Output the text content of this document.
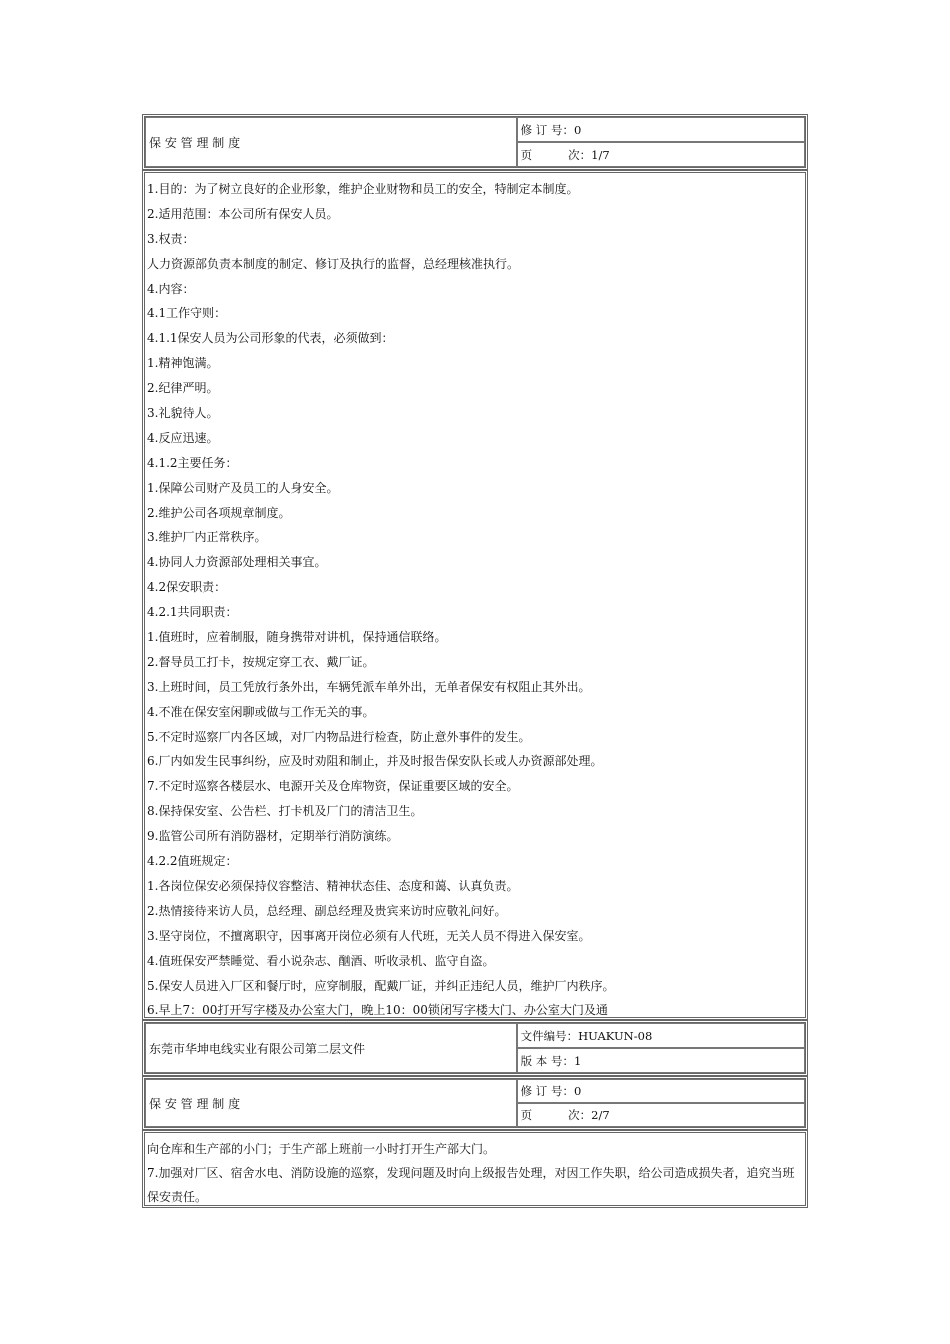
保 安 管 理 制 度
修 订 号：0
页	次：1/7
1.目的：为了树立良好的企业形象，维护企业财物和员工的安全，特制定本制度。
2.适用范围：本公司所有保安人员。
3.权责：
人力资源部负责本制度的制定、修订及执行的监督，总经理核准执行。
4.内容：
4.1工作守则：
4.1.1保安人员为公司形象的代表，必须做到：
1.精神饱满。
2.纪律严明。
3.礼貌待人。
4.反应迅速。
4.1.2主要任务：
1.保障公司财产及员工的人身安全。
2.维护公司各项规章制度。
3.维护厂内正常秩序。
4.协同人力资源部处理相关事宜。
4.2保安职责：
4.2.1共同职责：
1.值班时，应着制服，随身携带对讲机，保持通信联络。
2.督导员工打卡，按规定穿工衣、戴厂证。
3.上班时间，员工凭放行条外出，车辆凭派车单外出，无单者保安有权阻止其外出。
4.不准在保安室闲聊或做与工作无关的事。
5.不定时巡察厂内各区域，对厂内物品进行检查，防止意外事件的发生。
6.厂内如发生民事纠纷，应及时劝阻和制止，并及时报告保安队长或人办资源部处理。
7.不定时巡察各楼层水、电源开关及仓库物资，保证重要区域的安全。
8.保持保安室、公告栏、打卡机及厂门的清洁卫生。
9.监管公司所有消防器材，定期举行消防演练。
4.2.2值班规定：
1.各岗位保安必须保持仪容整洁、精神状态佳、态度和蔼、认真负责。
2.热情接待来访人员，总经理、副总经理及贵宾来访时应敬礼问好。
3.坚守岗位，不擅离职守，因事离开岗位必须有人代班，无关人员不得进入保安室。
4.值班保安严禁睡觉、看小说杂志、酗酒、听收录机、监守自盗。
5.保安人员进入厂区和餐厅时，应穿制服，配戴厂证，并纠正违纪人员，维护厂内秩序。
6.早上7：00打开写字楼及办公室大门，晚上10：00锁闭写字楼大门、办公室大门及通
东莞市华坤电线实业有限公司第二层文件
文件编号：HUAKUN-08
版 本 号：1
保 安 管 理 制 度
修 订 号：0
页	次：2/7
向仓库和生产部的小门；于生产部上班前一小时打开生产部大门。
7.加强对厂区、宿舍水电、消防设施的巡察，发现问题及时向上级报告处理，对因工作失职，给公司造成损失者，追究当班保安责任。
